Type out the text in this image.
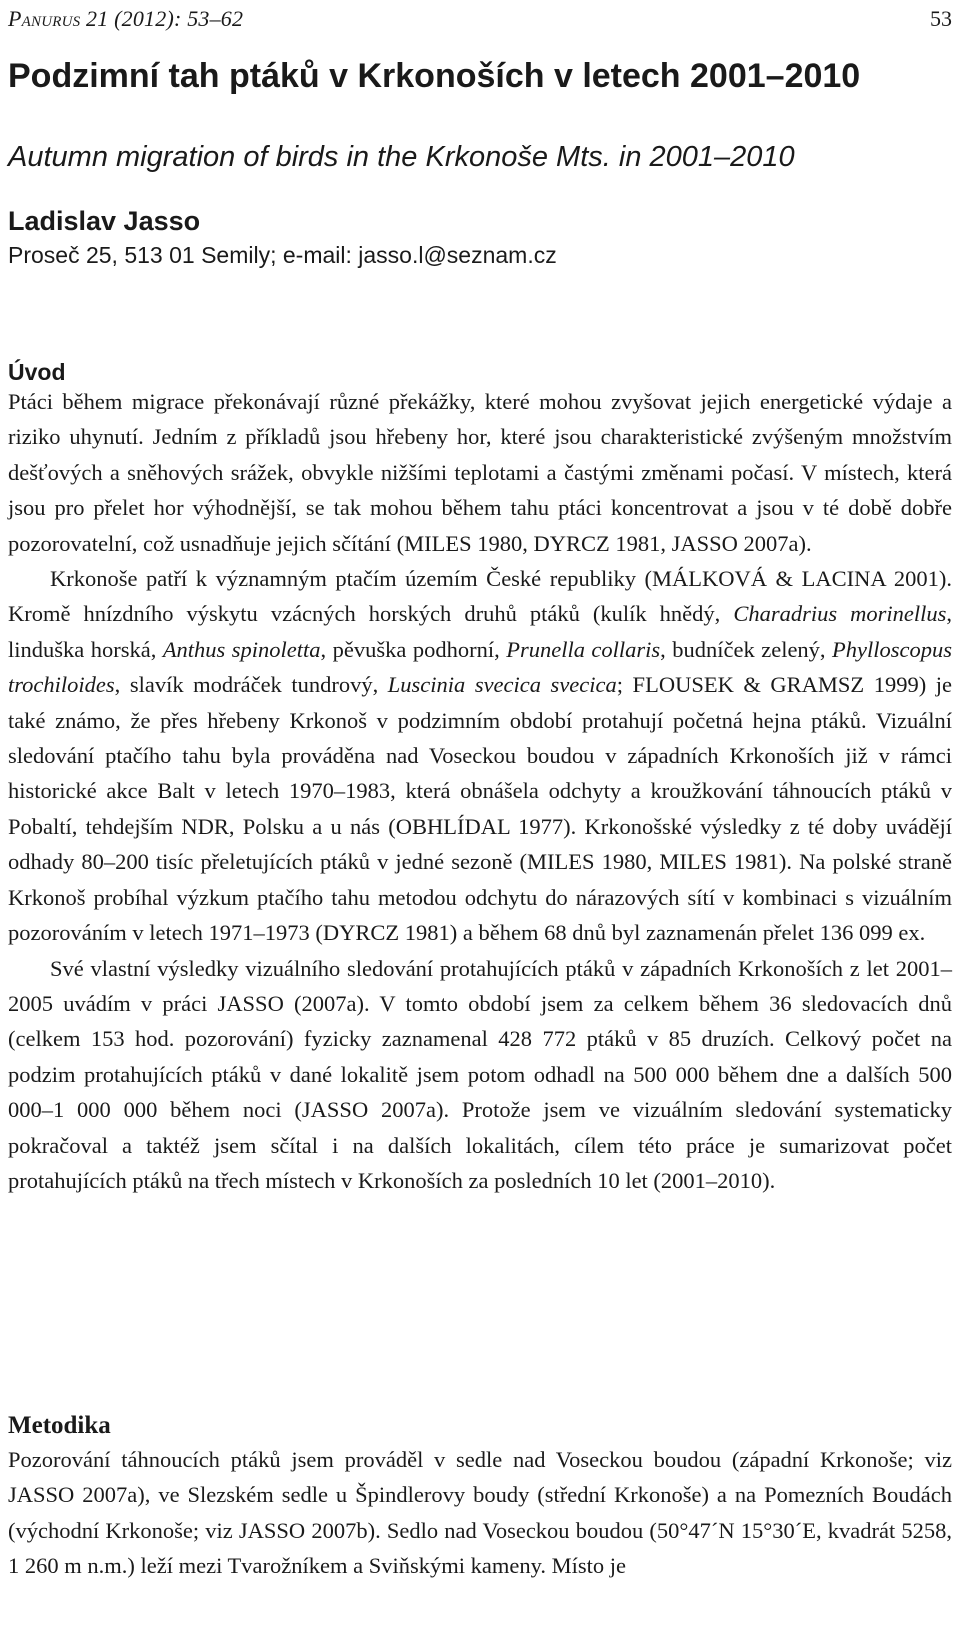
Panurus 21 (2012): 53–62	53
Podzimní tah ptáků v Krkonoších v letech 2001–2010
Autumn migration of birds in the Krkonoše Mts. in 2001–2010
Ladislav Jasso
Proseč 25, 513 01 Semily; e-mail: jasso.l@seznam.cz
Úvod

Ptáci během migrace překonávají různé překážky, které mohou zvyšovat jejich energetické výdaje a riziko uhynutí. Jedním z příkladů jsou hřebeny hor, které jsou charakteristické zvýšeným množstvím dešťových a sněhových srážek, obvykle nižšími teplotami a častými změnami počasí. V místech, která jsou pro přelet hor výhodnější, se tak mohou během tahu ptáci koncentrovat a jsou v té době dobře pozorovatelní, což usnadňuje jejich sčítání (MILES 1980, DYRCZ 1981, JASSO 2007a).

Krkonoše patří k významným ptačím územím České republiky (MÁLKOVÁ & LACINA 2001). Kromě hnízdního výskytu vzácných horských druhů ptáků (kulík hnědý, Charadrius morinellus, linduška horská, Anthus spinoletta, pěvuška podhorní, Prunella collaris, budníček zelený, Phylloscopus trochiloides, slavík modráček tundrový, Luscinia svecica svecica; FLOUSEK & GRAMSZ 1999) je také známo, že přes hřebeny Krkonoš v podzimním období protahují početná hejna ptáků. Vizuální sledování ptačího tahu byla prováděna nad Voseckou boudou v západních Krkonoších již v rámci historické akce Balt v letech 1970–1983, která obnášela odchyty a kroužkování táhnoucích ptáků v Pobaltí, tehdejším NDR, Polsku a u nás (OBHLÍDAL 1977). Krkonošské výsledky z té doby uvádějí odhady 80–200 tisíc přeletujících ptáků v jedné sezoně (MILES 1980, MILES 1981). Na polské straně Krkonoš probíhal výzkum ptačího tahu metodou odchytu do nárazových sítí v kombinaci s vizuálním pozorováním v letech 1971–1973 (DYRCZ 1981) a během 68 dnů byl zaznamenán přelet 136 099 ex.

Své vlastní výsledky vizuálního sledování protahujících ptáků v západních Krkonoších z let 2001–2005 uvádím v práci JASSO (2007a). V tomto období jsem za celkem během 36 sledovacích dnů (celkem 153 hod. pozorování) fyzicky zaznamenal 428 772 ptáků v 85 druzích. Celkový počet na podzim protahujících ptáků v dané lokalitě jsem potom odhadl na 500 000 během dne a dalších 500 000–1 000 000 během noci (JASSO 2007a). Protože jsem ve vizuálním sledování systematicky pokračoval a taktéž jsem sčítal i na dalších lokalitách, cílem této práce je sumarizovat počet protahujících ptáků na třech místech v Krkonoších za posledních 10 let (2001–2010).

Metodika

Pozorování táhnoucích ptáků jsem prováděl v sedle nad Voseckou boudou (západní Krkonoše; viz JASSO 2007a), ve Slezském sedle u Špindlerovy boudy (střední Krkonoše) a na Pomezních Boudách (východní Krkonoše; viz JASSO 2007b). Sedlo nad Voseckou boudou (50°47´N 15°30´E, kvadrát 5258, 1 260 m n.m.) leží mezi Tvarožníkem a Sviňskými kameny. Místo je
